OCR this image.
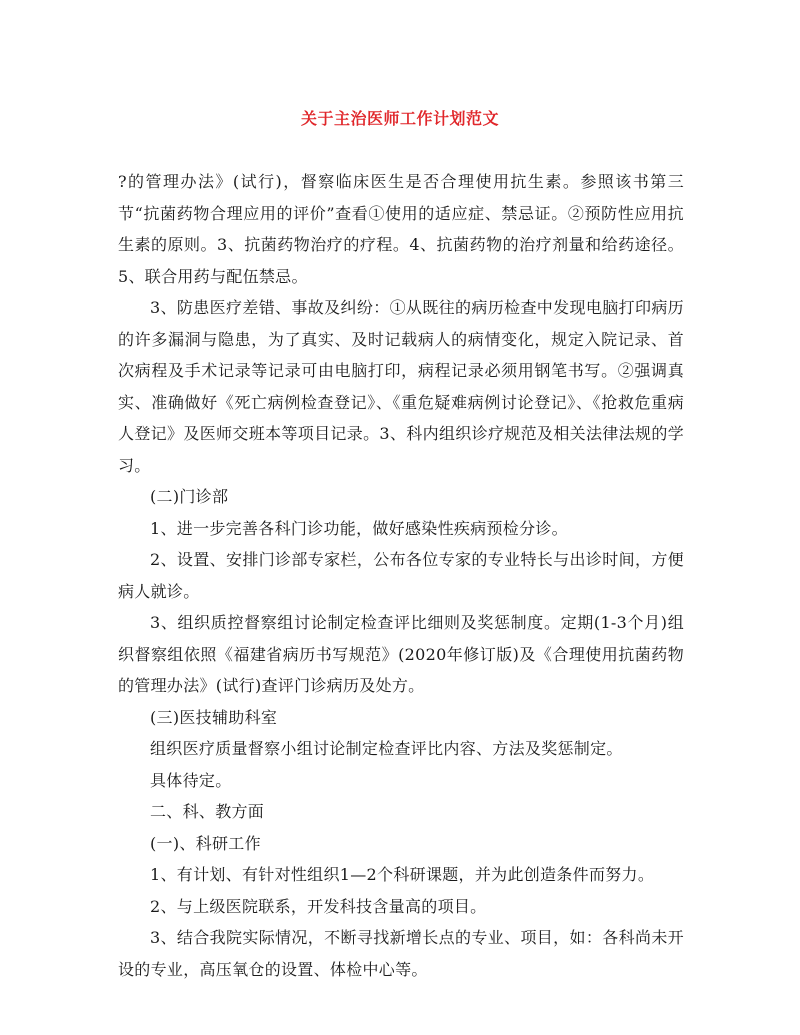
关于主治医师工作计划范文

?的管理办法》(试行)，督察临床医生是否合理使用抗生素。参照该书第三节“抗菌药物合理应用的评价”查看①使用的适应症、禁忌证。②预防性应用抗生素的原则。3、抗菌药物治疗的疗程。4、抗菌药物的治疗剂量和给药途径。5、联合用药与配伍禁忌。

3、防患医疗差错、事故及纠纷：①从既往的病历检查中发现电脑打印病历的许多漏洞与隐患，为了真实、及时记载病人的病情变化，规定入院记录、首次病程及手术记录等记录可由电脑打印，病程记录必须用钢笔书写。②强调真实、准确做好《死亡病例检查登记》、《重危疑难病例讨论登记》、《抢救危重病人登记》及医师交班本等项目记录。3、科内组织诊疗规范及相关法律法规的学习。

(二)门诊部

1、进一步完善各科门诊功能，做好感染性疾病预检分诊。

2、设置、安排门诊部专家栏，公布各位专家的专业特长与出诊时间，方便病人就诊。

3、组织质控督察组讨论制定检查评比细则及奖惩制度。定期(1-3个月)组织督察组依照《福建省病历书写规范》(2020年修订版)及《合理使用抗菌药物的管理办法》(试行)查评门诊病历及处方。

(三)医技辅助科室

组织医疗质量督察小组讨论制定检查评比内容、方法及奖惩制定。

具体待定。

二、科、教方面

(一)、科研工作

1、有计划、有针对性组织1—2个科研课题，并为此创造条件而努力。

2、与上级医院联系，开发科技含量高的项目。

3、结合我院实际情况，不断寻找新增长点的专业、项目，如：各科尚未开设的专业，高压氧仓的设置、体检中心等。
